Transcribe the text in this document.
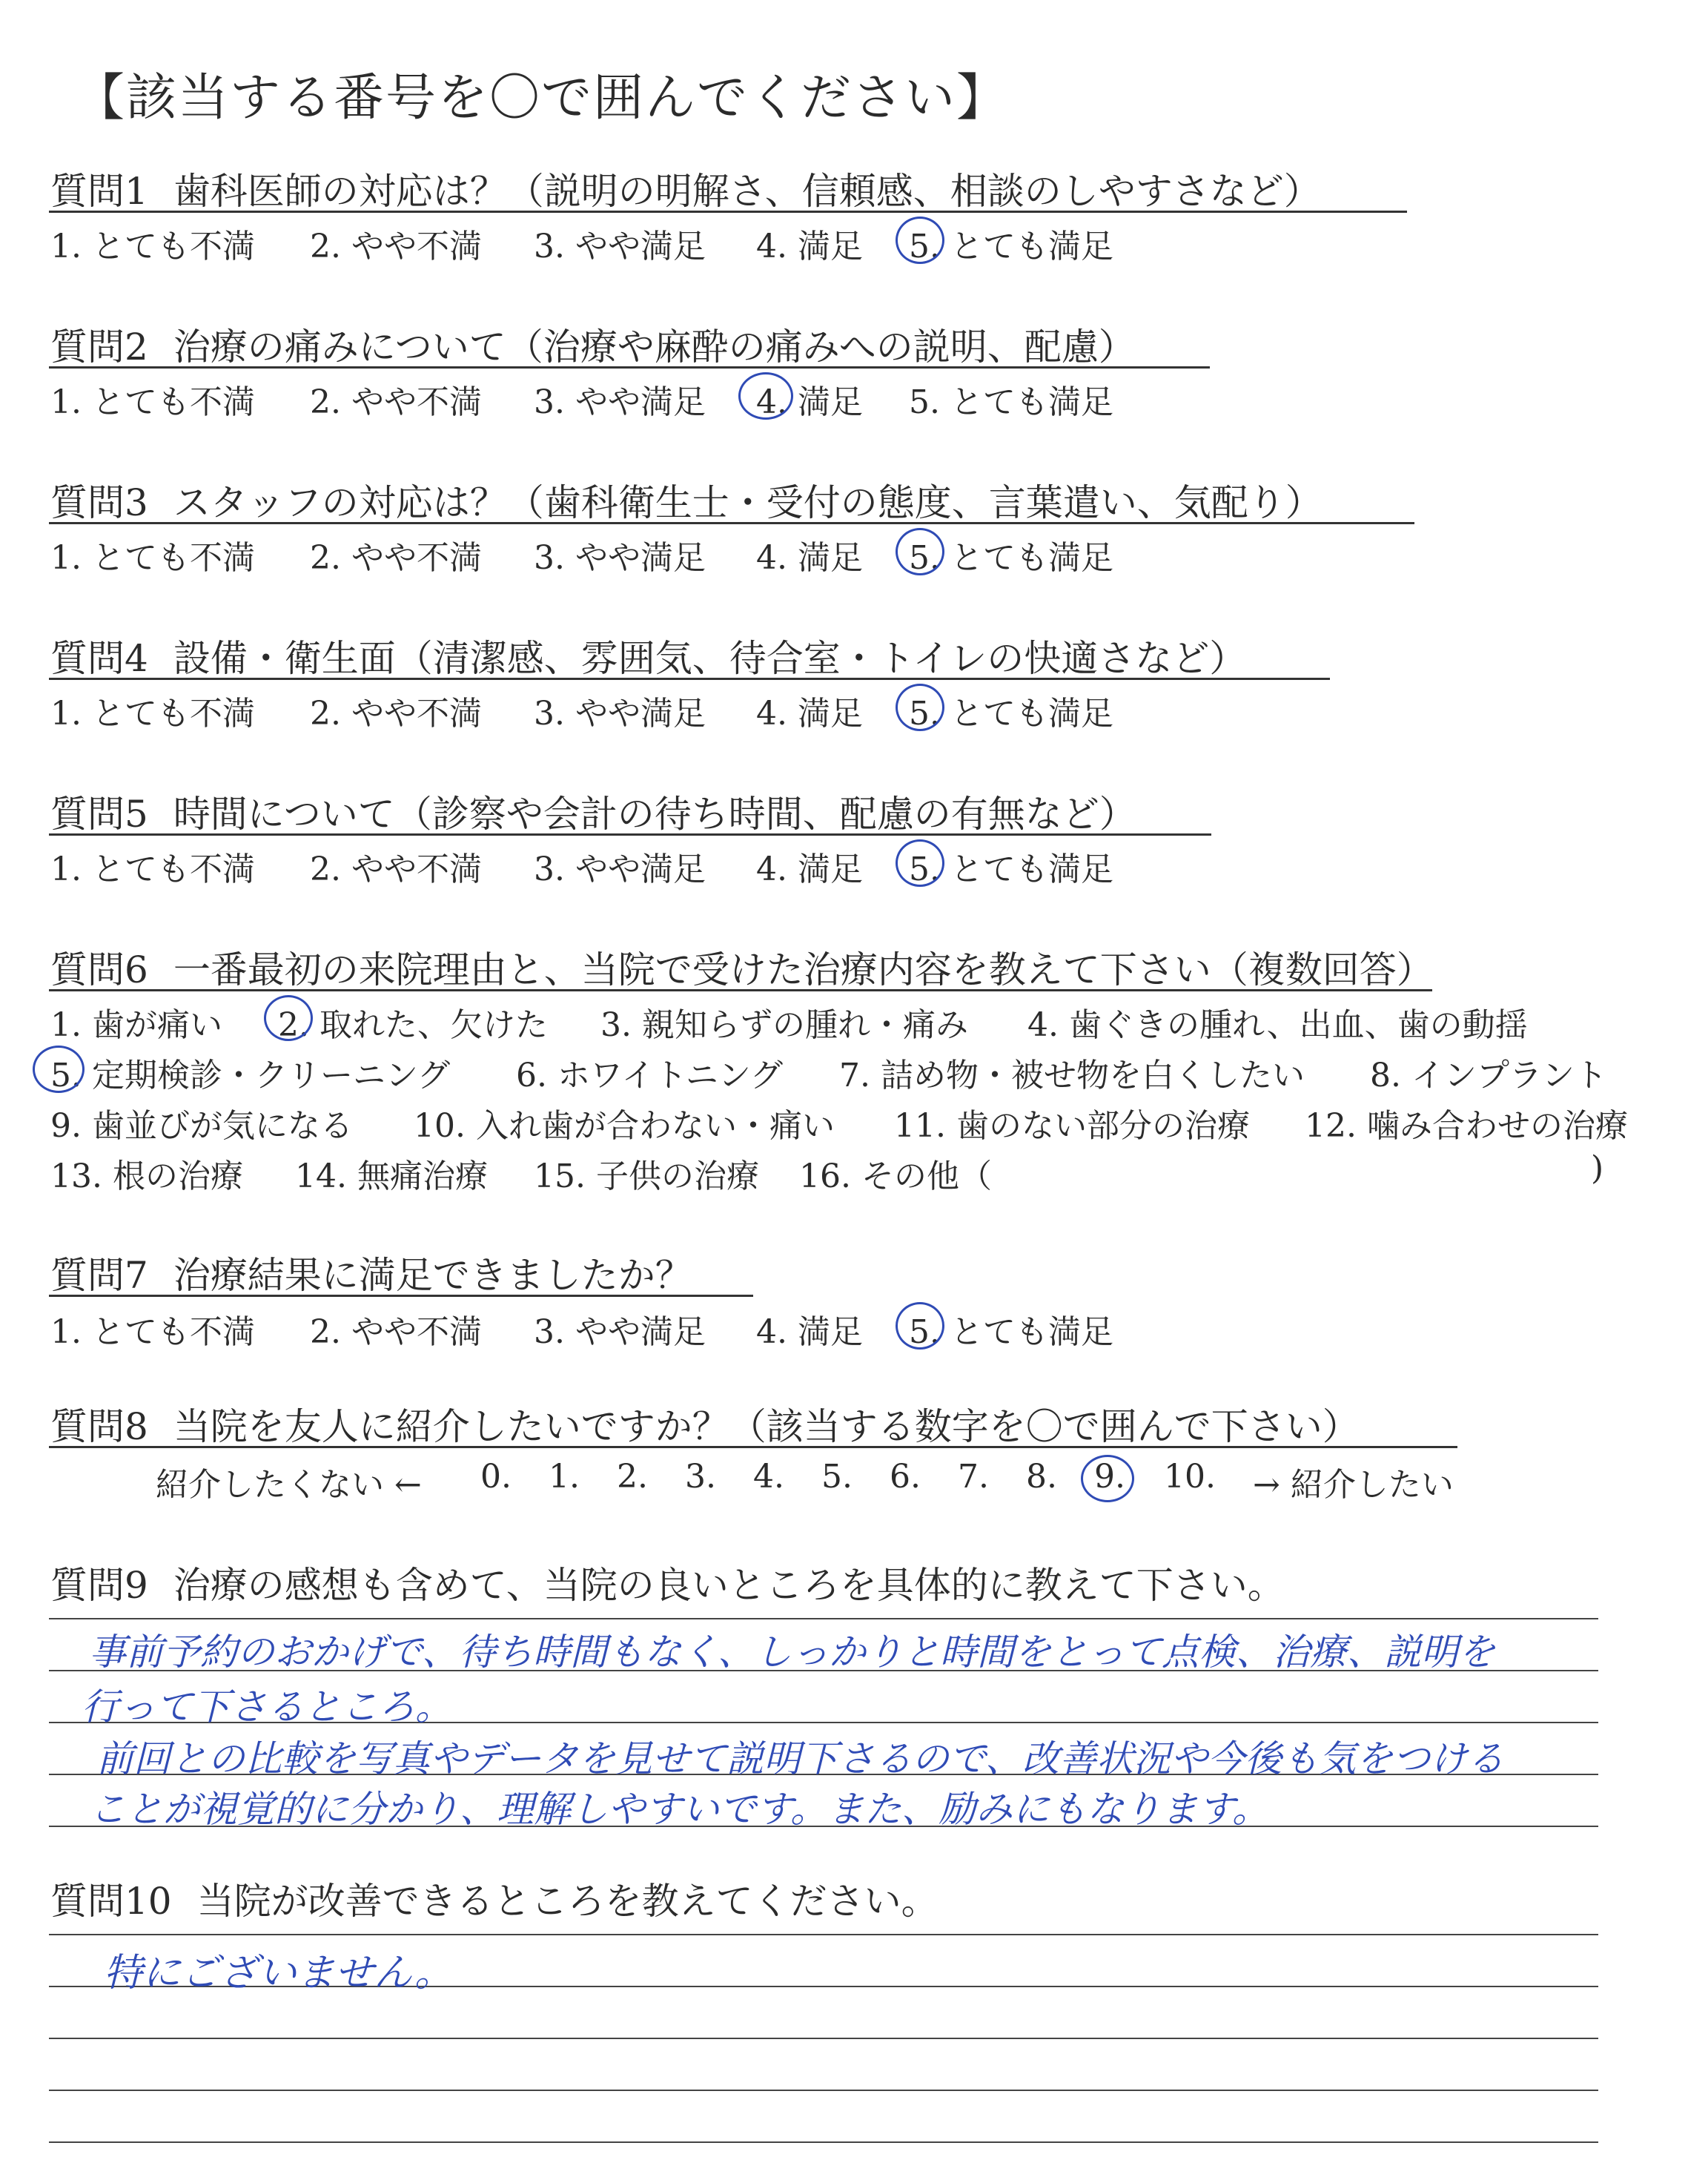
【該当する番号を〇で囲んでください】
質問1 歯科医師の対応は？（説明の明解さ、信頼感、相談のしやすさなど）
1. とても不満 2. やや不満 3. やや満足 4. 満足 5. とても満足
質問2 治療の痛みについて（治療や麻酔の痛みへの説明、配慮）
1. とても不満 2. やや不満 3. やや満足 4. 満足 5. とても満足
質問3 スタッフの対応は？（歯科衛生士・受付の態度、言葉遣い、気配り）
1. とても不満 2. やや不満 3. やや満足 4. 満足 5. とても満足
質問4 設備・衛生面（清潔感、雰囲気、待合室・トイレの快適さなど）
1. とても不満 2. やや不満 3. やや満足 4. 満足 5. とても満足
質問5 時間について（診察や会計の待ち時間、配慮の有無など）
1. とても不満 2. やや不満 3. やや満足 4. 満足 5. とても満足
質問6 一番最初の来院理由と、当院で受けた治療内容を教えて下さい（複数回答）
1. 歯が痛い 2. 取れた、欠けた 3. 親知らずの腫れ・痛み 4. 歯ぐきの腫れ、出血、歯の動揺
5. 定期検診・クリーニング 6. ホワイトニング 7. 詰め物・被せ物を白くしたい 8. インプラント
9. 歯並びが気になる 10. 入れ歯が合わない・痛い 11. 歯のない部分の治療 12. 噛み合わせの治療
13. 根の治療 14. 無痛治療 15. 子供の治療 16. その他（	)
質問7 治療結果に満足できましたか？
1. とても不満 2. やや不満 3. やや満足 4. 満足 5. とても満足
質問8 当院を友人に紹介したいですか？（該当する数字を〇で囲んで下さい）
紹介したくない ← 0. 1. 2. 3. 4. 5. 6. 7. 8. 9. 10. → 紹介したい
質問9 治療の感想も含めて、当院の良いところを具体的に教えて下さい。
事前予約のおかげで、待ち時間もなく、しっかりと時間をとって点検、治療、説明を
行って下さるところ。
前回との比較を写真やデータを見せて説明下さるので、改善状況や今後も気をつける
ことが視覚的に分かり、理解しやすいです。また、励みにもなります。
質問10 当院が改善できるところを教えてください。
特にございません。
